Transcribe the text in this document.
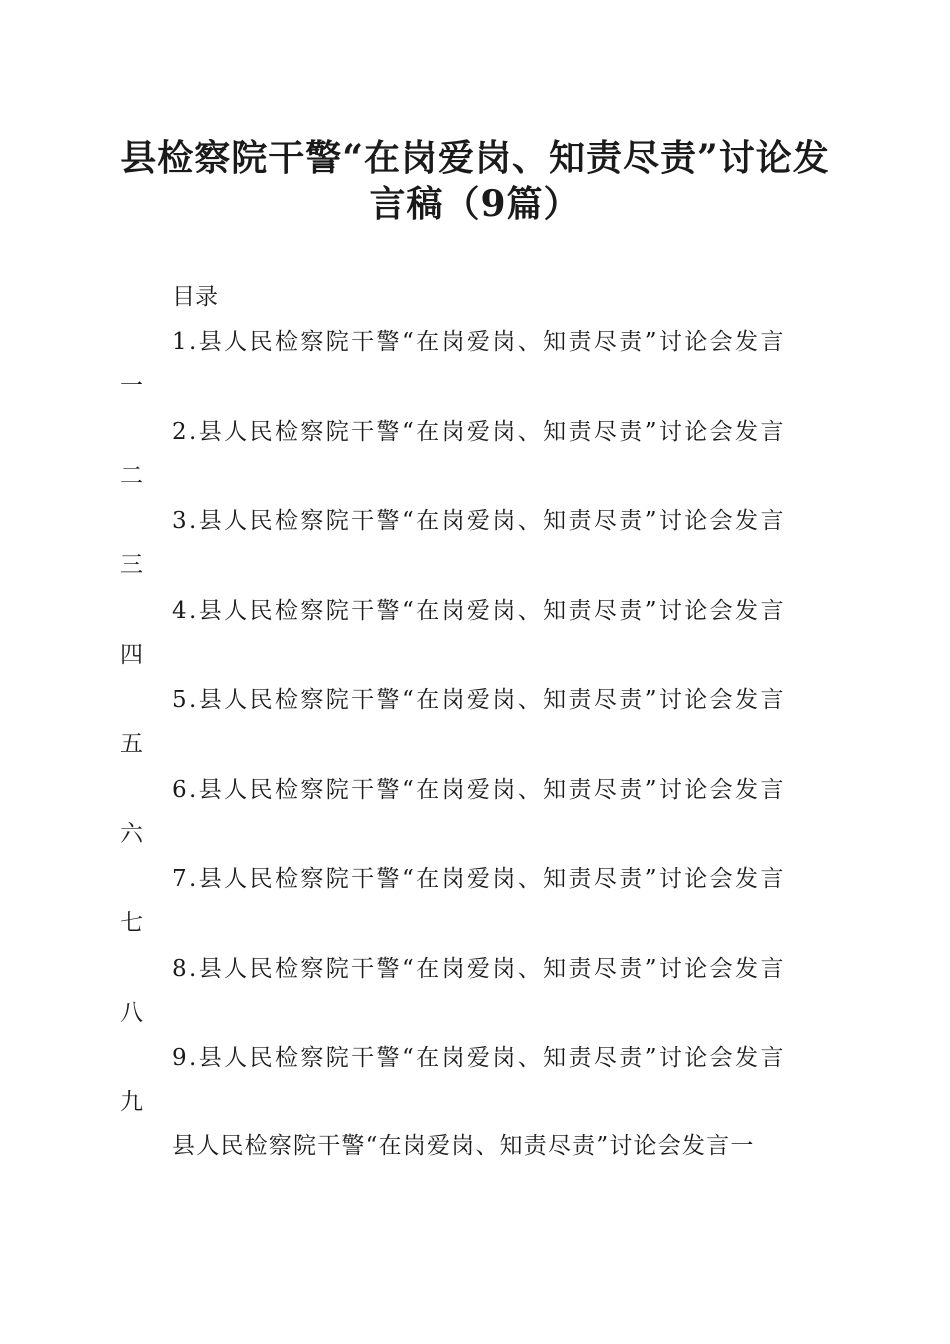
县检察院干警“在岗爱岗、知责尽责”讨论发
言稿（9篇）

目录

1.县人民检察院干警“在岗爱岗、知责尽责”讨论会发言
一
2.县人民检察院干警“在岗爱岗、知责尽责”讨论会发言
二
3.县人民检察院干警“在岗爱岗、知责尽责”讨论会发言
三
4.县人民检察院干警“在岗爱岗、知责尽责”讨论会发言
四
5.县人民检察院干警“在岗爱岗、知责尽责”讨论会发言
五
6.县人民检察院干警“在岗爱岗、知责尽责”讨论会发言
六
7.县人民检察院干警“在岗爱岗、知责尽责”讨论会发言
七
8.县人民检察院干警“在岗爱岗、知责尽责”讨论会发言
八
9.县人民检察院干警“在岗爱岗、知责尽责”讨论会发言
九

县人民检察院干警“在岗爱岗、知责尽责”讨论会发言一
